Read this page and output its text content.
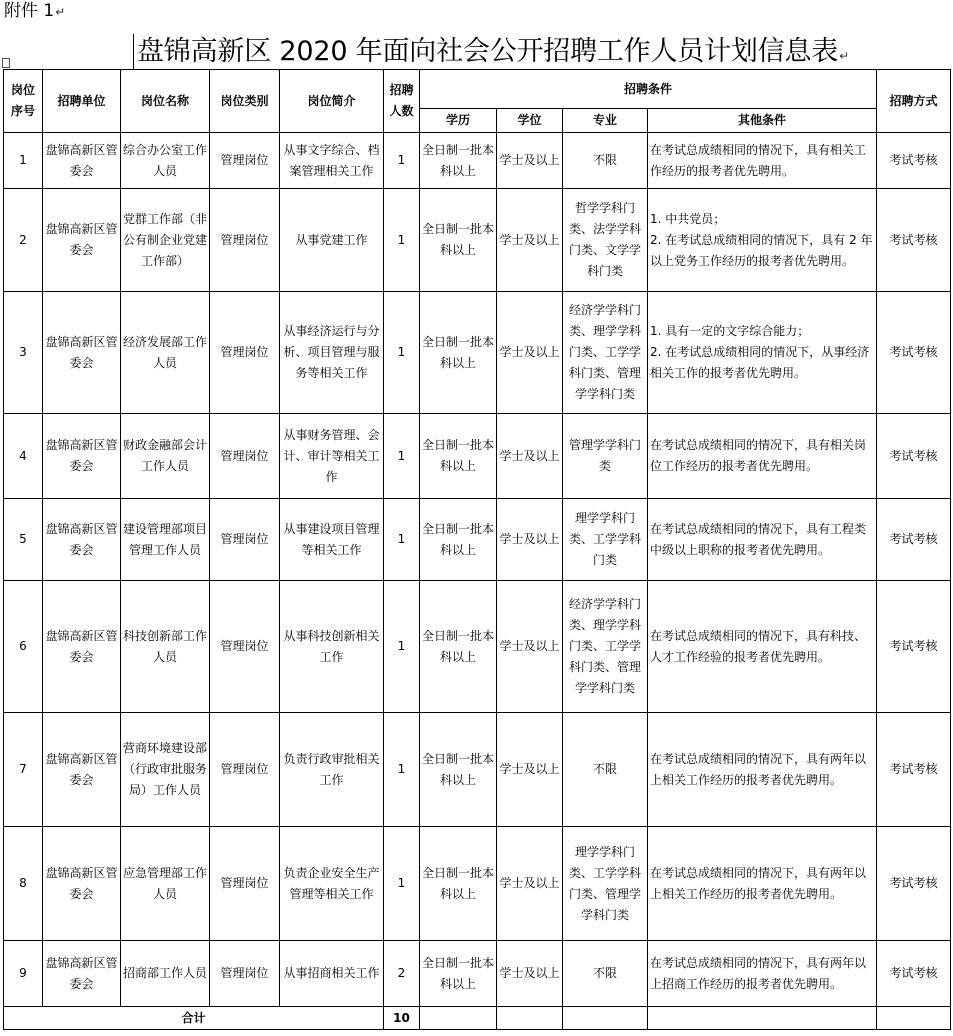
附件 1↵
盘锦高新区 2020 年面向社会公开招聘工作人员计划信息表↵
岗位序号	招聘单位	岗位名称	岗位类别	岗位简介	招聘人数	招聘条件				招聘方式
						学历	学位	专业	其他条件	
1	盘锦高新区管委会	综合办公室工作人员	管理岗位	从事文字综合、档案管理相关工作	1	全日制一批本科以上	学士及以上	不限	在考试总成绩相同的情况下，具有相关工作经历的报考者优先聘用。	考试考核
2	盘锦高新区管委会	党群工作部（非公有制企业党建工作部）	管理岗位	从事党建工作	1	全日制一批本科以上	学士及以上	哲学学科门类、法学学科门类、文学学科门类	1. 中共党员；
2. 在考试总成绩相同的情况下，具有 2 年以上党务工作经历的报考者优先聘用。	考试考核
3	盘锦高新区管委会	经济发展部工作人员	管理岗位	从事经济运行与分析、项目管理与服务等相关工作	1	全日制一批本科以上	学士及以上	经济学学科门类、理学学科门类、工学学科门类、管理学学科门类	1. 具有一定的文字综合能力；
2. 在考试总成绩相同的情况下，从事经济相关工作的报考者优先聘用。	考试考核
4	盘锦高新区管委会	财政金融部会计工作人员	管理岗位	从事财务管理、会计、审计等相关工作	1	全日制一批本科以上	学士及以上	管理学学科门类	在考试总成绩相同的情况下，具有相关岗位工作经历的报考者优先聘用。	考试考核
5	盘锦高新区管委会	建设管理部项目管理工作人员	管理岗位	从事建设项目管理等相关工作	1	全日制一批本科以上	学士及以上	理学学科门类、工学学科门类	在考试总成绩相同的情况下，具有工程类中级以上职称的报考者优先聘用。	考试考核
6	盘锦高新区管委会	科技创新部工作人员	管理岗位	从事科技创新相关工作	1	全日制一批本科以上	学士及以上	经济学学科门类、理学学科门类、工学学科门类、管理学学科门类	在考试总成绩相同的情况下，具有科技、人才工作经验的报考者优先聘用。	考试考核
7	盘锦高新区管委会	营商环境建设部（行政审批服务局）工作人员	管理岗位	负责行政审批相关工作	1	全日制一批本科以上	学士及以上	不限	在考试总成绩相同的情况下，具有两年以上相关工作经历的报考者优先聘用。	考试考核
8	盘锦高新区管委会	应急管理部工作人员	管理岗位	负责企业安全生产管理等相关工作	1	全日制一批本科以上	学士及以上	理学学科门类、工学学科门类、管理学学科门类	在考试总成绩相同的情况下，具有两年以上相关工作经历的报考者优先聘用。	考试考核
9	盘锦高新区管委会	招商部工作人员	管理岗位	从事招商相关工作	2	全日制一批本科以上	学士及以上	不限	在考试总成绩相同的情况下，具有两年以上招商工作经历的报考者优先聘用。	考试考核
合计					10					
